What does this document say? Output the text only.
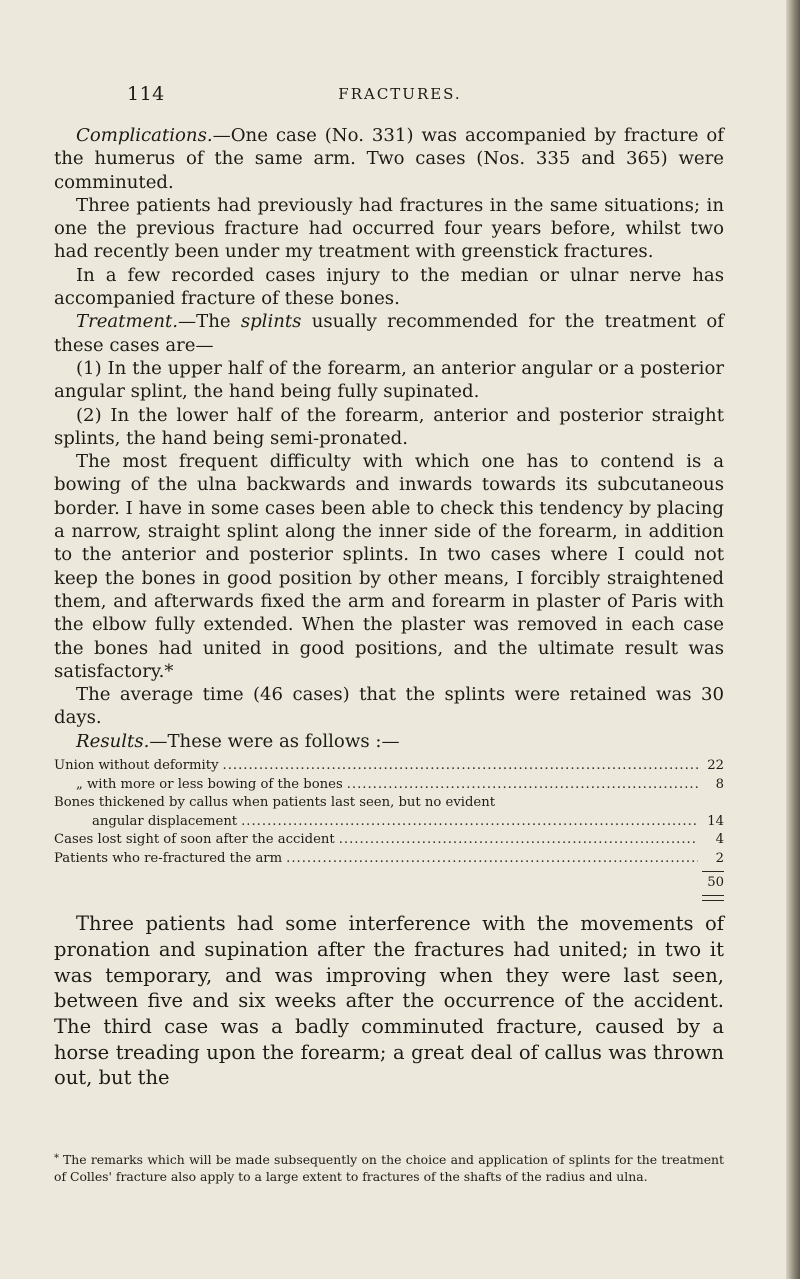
114	FRACTURES.

Complications.—One case (No. 331) was accompanied by fracture of the humerus of the same arm. Two cases (Nos. 335 and 365) were comminuted.

Three patients had previously had fractures in the same situations; in one the previous fracture had occurred four years before, whilst two had recently been under my treatment with greenstick fractures.

In a few recorded cases injury to the median or ulnar nerve has accompanied fracture of these bones.

Treatment.—The splints usually recommended for the treatment of these cases are—

(1) In the upper half of the forearm, an anterior angular or a posterior angular splint, the hand being fully supinated.

(2) In the lower half of the forearm, anterior and posterior straight splints, the hand being semi-pronated.

The most frequent difficulty with which one has to contend is a bowing of the ulna backwards and inwards towards its subcutaneous border. I have in some cases been able to check this tendency by placing a narrow, straight splint along the inner side of the forearm, in addition to the anterior and posterior splints. In two cases where I could not keep the bones in good position by other means, I forcibly straightened them, and afterwards fixed the arm and forearm in plaster of Paris with the elbow fully extended. When the plaster was removed in each case the bones had united in good positions, and the ultimate result was satisfactory.*

The average time (46 cases) that the splints were retained was 30 days.

Results.—These were as follows :—

Union without deformity .....	22
„ with more or less bowing of the bones .....	8
Bones thickened by callus when patients last seen, but no evident
angular displacement .....	14
Cases lost sight of soon after the accident .....	4
Patients who re-fractured the arm .....	2
50

Three patients had some interference with the movements of pronation and supination after the fractures had united; in two it was temporary, and was improving when they were last seen, between five and six weeks after the occurrence of the accident. The third case was a badly comminuted fracture, caused by a horse treading upon the forearm; a great deal of callus was thrown out, but the

* The remarks which will be made subsequently on the choice and application of splints for the treatment of Colles' fracture also apply to a large extent to fractures of the shafts of the radius and ulna.
